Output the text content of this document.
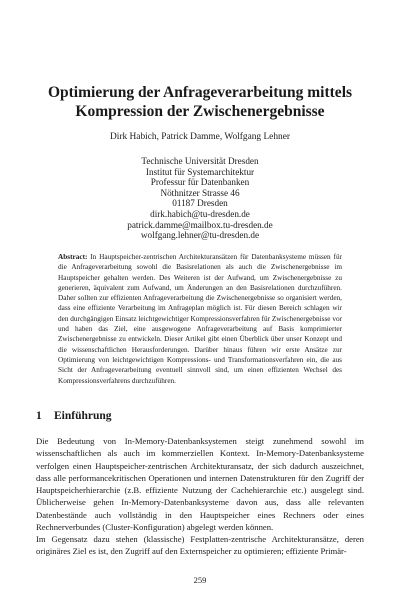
Optimierung der Anfrageverarbeitung mittels Kompression der Zwischenergebnisse

Dirk Habich, Patrick Damme, Wolfgang Lehner

Technische Universität Dresden
Institut für Systemarchitektur
Professur für Datenbanken
Nöthnitzer Strasse 46
01187 Dresden
dirk.habich@tu-dresden.de
patrick.damme@mailbox.tu-dresden.de
wolfgang.lehner@tu-dresden.de

Abstract: In Hauptspeicher-zentrischen Architekturansätzen für Datenbanksysteme müssen für die Anfrageverarbeitung sowohl die Basisrelationen als auch die Zwischenergebnisse im Hauptspeicher gehalten werden. Des Weiteren ist der Aufwand, um Zwischenergebnisse zu generieren, äquivalent zum Aufwand, um Änderungen an den Basisrelationen durchzuführen. Daher sollten zur effizienten Anfrageverarbeitung die Zwischenergebnisse so organisiert werden, dass eine effiziente Verarbeitung im Anfrageplan möglich ist. Für diesen Bereich schlagen wir den durchgängigen Einsatz leichtgewichtiger Kompressionsverfahren für Zwischenergebnisse vor und haben das Ziel, eine ausgewogene Anfrageverarbeitung auf Basis komprimierter Zwischenergebnisse zu entwickeln. Dieser Artikel gibt einen Überblick über unser Konzept und die wissenschaftlichen Herausforderungen. Darüber hinaus führen wir erste Ansätze zur Optimierung von leichtgewichtigen Kompressions- und Transformationsverfahren ein, die aus Sicht der Anfrageverarbeitung eventuell sinnvoll sind, um einen effizienten Wechsel des Kompressionsverfahrens durchzuführen.

1 Einführung

Die Bedeutung von In-Memory-Datenbanksystemen steigt zunehmend sowohl im wissenschaftlichen als auch im kommerziellen Kontext. In-Memory-Datenbanksysteme verfolgen einen Hauptspeicher-zentrischen Architekturansatz, der sich dadurch auszeichnet, dass alle performancekritischen Operationen und internen Datenstrukturen für den Zugriff der Hauptspeicherhierarchie (z.B. effiziente Nutzung der Cachehierarchie etc.) ausgelegt sind. Üblicherweise gehen In-Memory-Datenbanksysteme davon aus, dass alle relevanten Datenbestände auch vollständig in den Hauptspeicher eines Rechners oder eines Rechnerverbundes (Cluster-Konfiguration) abgelegt werden können.

Im Gegensatz dazu stehen (klassische) Festplatten-zentrische Architekturansätze, deren originäres Ziel es ist, den Zugriff auf den Externspeicher zu optimieren; effiziente Primär-

259
